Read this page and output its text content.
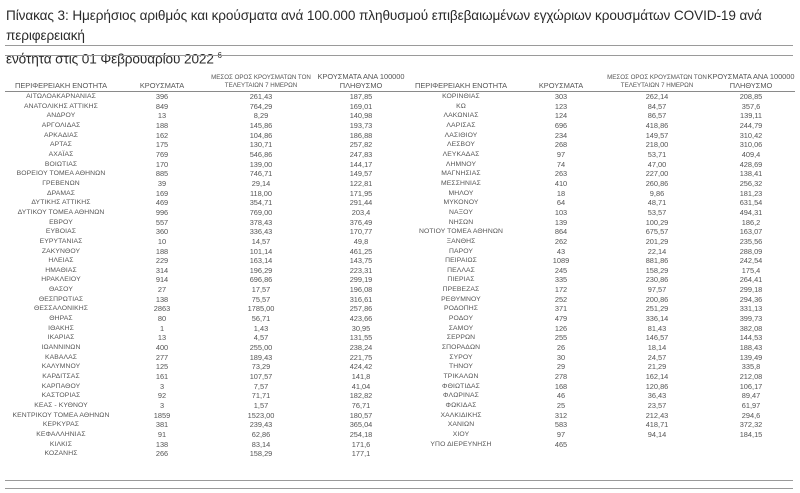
Πίνακας 3: Ημερήσιος αριθμός και κρούσματα ανά 100.000 πληθυσμού επιβεβαιωμένων εγχώριων κρουσμάτων COVID-19 ανά περιφερειακή
ενότητα στις 01 Φεβρουαρίου 2022 $^6$
ΠΕΡΙΦΕΡΕΙΑΚΗ ΕΝΟΤΗΤΑ	ΚΡΟΥΣΜΑΤΑ	ΜΕΣΟΣ ΟΡΟΣ ΚΡΟΥΣΜΑΤΩΝ ΤΟΝ ΤΕΛΕΥΤΑΙΩΝ 7 ΗΜΕΡΩΝ	ΚΡΟΥΣΜΑΤΑ ΑΝΑ 100000 ΠΛΗΘΥΣΜΟ	ΠΕΡΙΦΕΡΕΙΑΚΗ ΕΝΟΤΗΤΑ	ΚΡΟΥΣΜΑΤΑ	ΜΕΣΟΣ ΟΡΟΣ ΚΡΟΥΣΜΑΤΩΝ ΤΟΝ ΤΕΛΕΥΤΑΙΩΝ 7 ΗΜΕΡΩΝ	ΚΡΟΥΣΜΑΤΑ ΑΝΑ 100000 ΠΛΗΘΥΣΜΟ
ΑΙΤΩΛΟΑΚΑΡΝΑΝΙΑΣ	396	261,43	187,85	ΚΟΡΙΝΘΙΑΣ	303	262,14	208,85
ΑΝΑΤΟΛΙΚΗΣ ΑΤΤΙΚΗΣ	849	764,29	169,01	ΚΩ	123	84,57	357,6
ΑΝΔΡΟΥ	13	8,29	140,98	ΛΑΚΩΝΙΑΣ	124	86,57	139,11
ΑΡΓΟΛΙΔΑΣ	188	145,86	193,73	ΛΑΡΙΣΑΣ	696	418,86	244,79
ΑΡΚΑΔΙΑΣ	162	104,86	186,88	ΛΑΣΙΘΙΟΥ	234	149,57	310,42
ΑΡΤΑΣ	175	130,71	257,82	ΛΕΣΒΟΥ	268	218,00	310,06
ΑΧΑΪΑΣ	769	546,86	247,83	ΛΕΥΚΑΔΑΣ	97	53,71	409,4
ΒΟΙΩΤΙΑΣ	170	139,00	144,17	ΛΗΜΝΟΥ	74	47,00	428,69
ΒΟΡΕΙΟΥ ΤΟΜΕΑ ΑΘΗΝΩΝ	885	746,71	149,57	ΜΑΓΝΗΣΙΑΣ	263	227,00	138,41
ΓΡΕΒΕΝΩΝ	39	29,14	122,81	ΜΕΣΣΗΝΙΑΣ	410	260,86	256,32
ΔΡΑΜΑΣ	169	118,00	171,95	ΜΗΛΟΥ	18	9,86	181,23
ΔΥΤΙΚΗΣ ΑΤΤΙΚΗΣ	469	354,71	291,44	ΜΥΚΟΝΟΥ	64	48,71	631,54
ΔΥΤΙΚΟΥ ΤΟΜΕΑ ΑΘΗΝΩΝ	996	769,00	203,4	ΝΑΞΟΥ	103	53,57	494,31
ΕΒΡΟΥ	557	378,43	376,49	ΝΗΣΩΝ	139	100,29	186,2
ΕΥΒΟΙΑΣ	360	336,43	170,77	ΝΟΤΙΟΥ ΤΟΜΕΑ ΑΘΗΝΩΝ	864	675,57	163,07
ΕΥΡΥΤΑΝΙΑΣ	10	14,57	49,8	ΞΑΝΘΗΣ	262	201,29	235,56
ΖΑΚΥΝΘΟΥ	188	101,14	461,25	ΠΑΡΟΥ	43	22,14	288,09
ΗΛΕΙΑΣ	229	163,14	143,75	ΠΕΙΡΑΙΩΣ	1089	881,86	242,54
ΗΜΑΘΙΑΣ	314	196,29	223,31	ΠΕΛΛΑΣ	245	158,29	175,4
ΗΡΑΚΛΕΙΟΥ	914	696,86	299,19	ΠΙΕΡΙΑΣ	335	230,86	264,41
ΘΑΣΟΥ	27	17,57	196,08	ΠΡΕΒΕΖΑΣ	172	97,57	299,18
ΘΕΣΠΡΩΤΙΑΣ	138	75,57	316,61	ΡΕΘΥΜΝΟΥ	252	200,86	294,36
ΘΕΣΣΑΛΟΝΙΚΗΣ	2863	1785,00	257,86	ΡΟΔΟΠΗΣ	371	251,29	331,13
ΘΗΡΑΣ	80	56,71	423,66	ΡΟΔΟΥ	479	336,14	399,73
ΙΘΑΚΗΣ	1	1,43	30,95	ΣΑΜΟΥ	126	81,43	382,08
ΙΚΑΡΙΑΣ	13	4,57	131,55	ΣΕΡΡΩΝ	255	146,57	144,53
ΙΩΑΝΝΙΝΩΝ	400	255,00	238,24	ΣΠΟΡΑΔΩΝ	26	18,14	188,43
ΚΑΒΑΛΑΣ	277	189,43	221,75	ΣΥΡΟΥ	30	24,57	139,49
ΚΑΛΥΜΝΟΥ	125	73,29	424,42	ΤΗΝΟΥ	29	21,29	335,8
ΚΑΡΔΙΤΣΑΣ	161	107,57	141,8	ΤΡΙΚΑΛΩΝ	278	162,14	212,08
ΚΑΡΠΑΘΟΥ	3	7,57	41,04	ΦΘΙΩΤΙΔΑΣ	168	120,86	106,17
ΚΑΣΤΟΡΙΑΣ	92	71,71	182,82	ΦΛΩΡΙΝΑΣ	46	36,43	89,47
ΚΕΑΣ - ΚΥΘΝΟΥ	3	1,57	76,71	ΦΩΚΙΔΑΣ	25	23,57	61,97
ΚΕΝΤΡΙΚΟΥ ΤΟΜΕΑ ΑΘΗΝΩΝ	1859	1523,00	180,57	ΧΑΛΚΙΔΙΚΗΣ	312	212,43	294,6
ΚΕΡΚΥΡΑΣ	381	239,43	365,04	ΧΑΝΙΩΝ	583	418,71	372,32
ΚΕΦΑΛΛΗΝΙΑΣ	91	62,86	254,18	ΧΙΟΥ	97	94,14	184,15
ΚΙΛΚΙΣ	138	83,14	171,6	ΥΠΟ ΔΙΕΡΕΥΝΗΣΗ	465		
ΚΟΖΑΝΗΣ	266	158,29	177,1				
